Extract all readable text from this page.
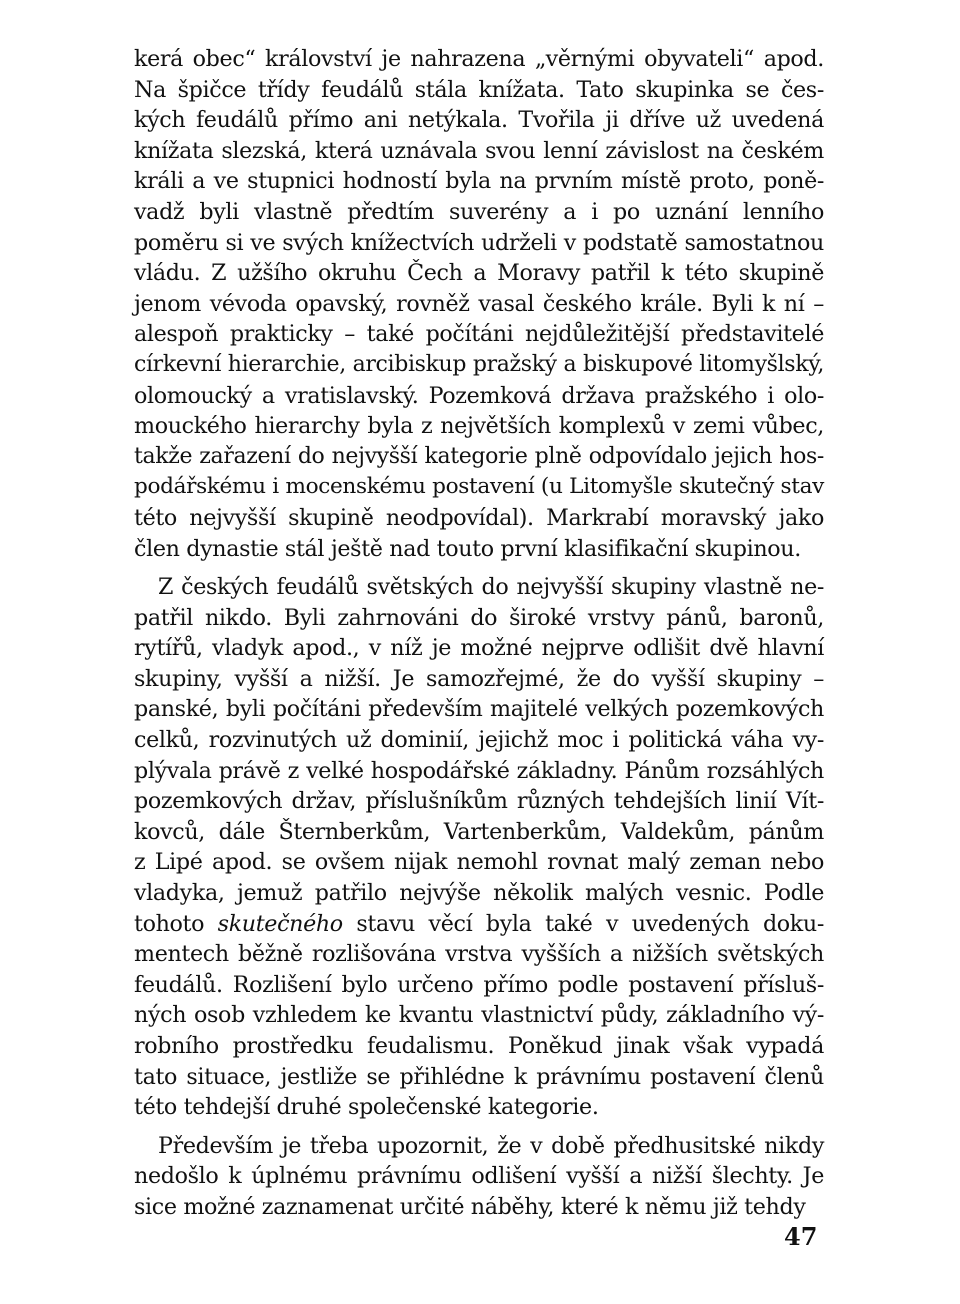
kerá obec“ království je nahrazena „věrnými obyvateli“ apod.
Na špičce třídy feudálů stála knížata. Tato skupinka se čes-
kých feudálů přímo ani netýkala. Tvořila ji dříve už uvedená
knížata slezská, která uznávala svou lenní závislost na českém
králi a ve stupnici hodností byla na prvním místě proto, poně-
vadž byli vlastně předtím suverény a i po uznání lenního
poměru si ve svých knížectvích udrželi v podstatě samostatnou
vládu. Z užšího okruhu Čech a Moravy patřil k této skupině
jenom vévoda opavský, rovněž vasal českého krále. Byli k ní –
alespoň prakticky – také počítáni nejdůležitější představitelé
církevní hierarchie, arcibiskup pražský a biskupové litomyšlský,
olomoucký a vratislavský. Pozemková država pražského i olo-
mouckého hierarchy byla z největších komplexů v zemi vůbec,
takže zařazení do nejvyšší kategorie plně odpovídalo jejich hos-
podářskému i mocenskému postavení (u Litomyšle skutečný stav
této nejvyšší skupině neodpovídal). Markrabí moravský jako
člen dynastie stál ještě nad touto první klasifikační skupinou.
Z českých feudálů světských do nejvyšší skupiny vlastně ne-
patřil nikdo. Byli zahrnováni do široké vrstvy pánů, baronů,
rytířů, vladyk apod., v níž je možné nejprve odlišit dvě hlavní
skupiny, vyšší a nižší. Je samozřejmé, že do vyšší skupiny –
panské, byli počítáni především majitelé velkých pozemkových
celků, rozvinutých už dominií, jejichž moc i politická váha vy-
plývala právě z velké hospodářské základny. Pánům rozsáhlých
pozemkových držav, příslušníkům různých tehdejších linií Vít-
kovců, dále Šternberkům, Vartenberkům, Valdekům, pánům
z Lipé apod. se ovšem nijak nemohl rovnat malý zeman nebo
vladyka, jemuž patřilo nejvýše několik malých vesnic. Podle
tohoto skutečného stavu věcí byla také v uvedených doku-
mentech běžně rozlišována vrstva vyšších a nižších světských
feudálů. Rozlišení bylo určeno přímo podle postavení přísluš-
ných osob vzhledem ke kvantu vlastnictví půdy, základního vý-
robního prostředku feudalismu. Poněkud jinak však vypadá
tato situace, jestliže se přihlédne k právnímu postavení členů
této tehdejší druhé společenské kategorie.
Především je třeba upozornit, že v době předhusitské nikdy
nedošlo k úplnému právnímu odlišení vyšší a nižší šlechty. Je
sice možné zaznamenat určité náběhy, které k němu již tehdy
47
